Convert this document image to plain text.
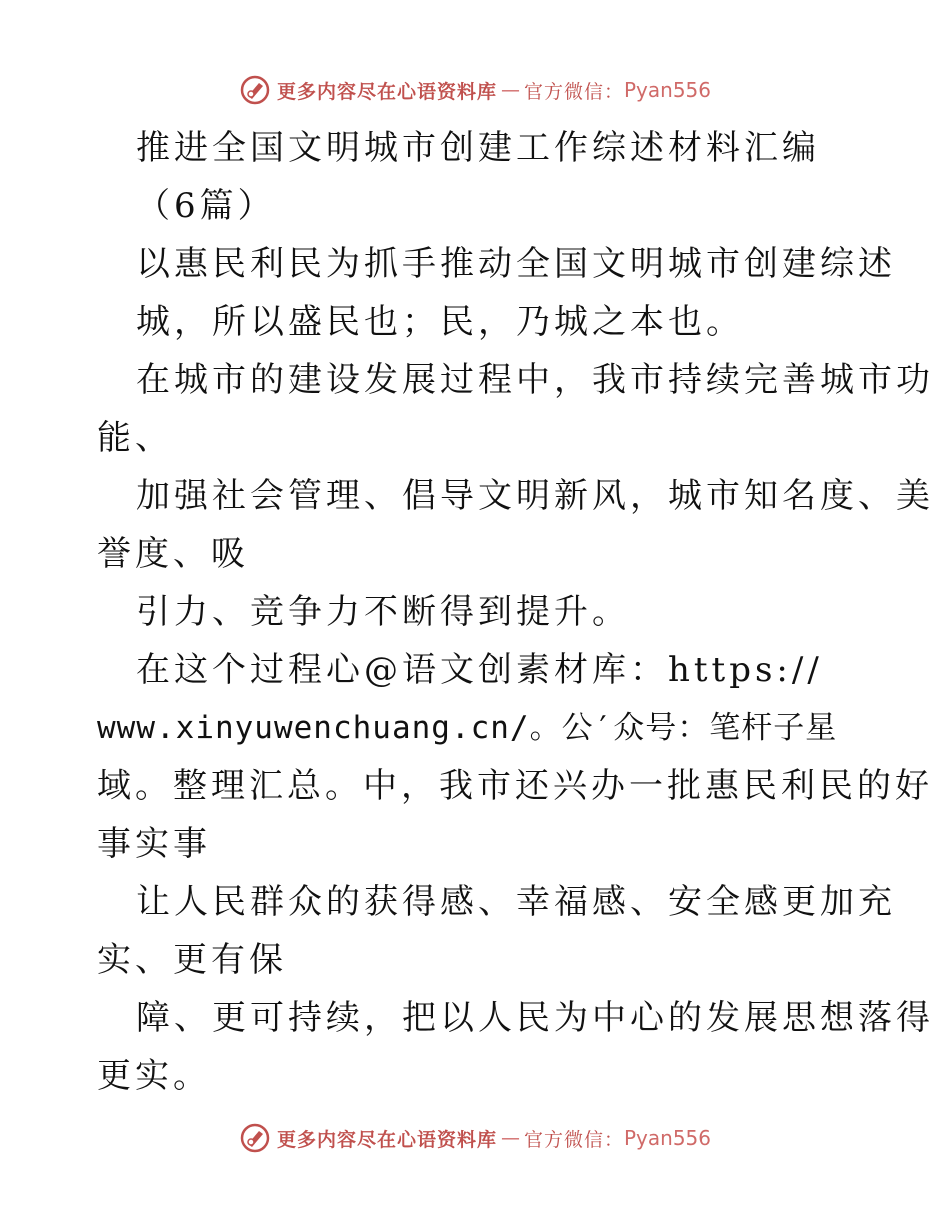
更多内容尽在心语资料库 — 官方微信： Pyan556
推进全国文明城市创建工作综述材料汇编
（6篇）
以惠民利民为抓手推动全国文明城市创建综述
城，所以盛民也；民，乃城之本也。
在城市的建设发展过程中，我市持续完善城市功
能、
加强社会管理、倡导文明新风，城市知名度、美
誉度、吸
引力、竞争力不断得到提升。
在这个过程心@语文创素材库：https://
www.xinyuwenchuang.cn/。公′众号：笔杆子星
域。整理汇总。中，我市还兴办一批惠民利民的好
事实事
让人民群众的获得感、幸福感、安全感更加充
实、更有保
障、更可持续，把以人民为中心的发展思想落得
更实。
更多内容尽在心语资料库 — 官方微信： Pyan556
